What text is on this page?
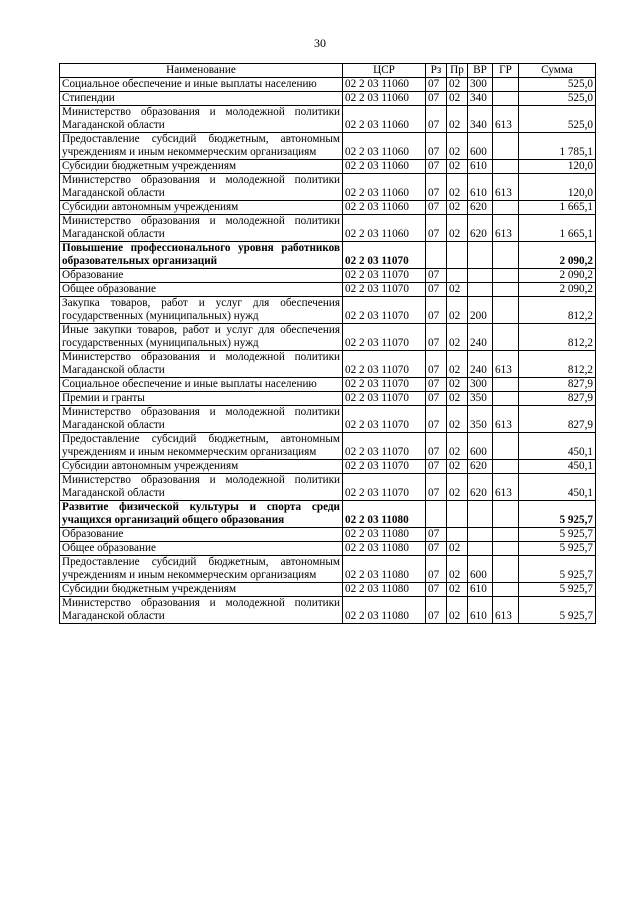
30
Наименование	ЦСР	Рз	Пр	ВР	ГР	Сумма
Социальное обеспечение и иные выплаты населению	02 2 03 11060	07	02	300		525,0
Стипендии	02 2 03 11060	07	02	340		525,0
Министерство образования и молодежной политики Магаданской области	02 2 03 11060	07	02	340	613	525,0
Предоставление субсидий бюджетным, автономным учреждениям и иным некоммерческим организациям	02 2 03 11060	07	02	600		1 785,1
Субсидии бюджетным учреждениям	02 2 03 11060	07	02	610		120,0
Министерство образования и молодежной политики Магаданской области	02 2 03 11060	07	02	610	613	120,0
Субсидии автономным учреждениям	02 2 03 11060	07	02	620		1 665,1
Министерство образования и молодежной политики Магаданской области	02 2 03 11060	07	02	620	613	1 665,1
Повышение профессионального уровня работников образовательных организаций	02 2 03 11070					2 090,2
Образование	02 2 03 11070	07				2 090,2
Общее образование	02 2 03 11070	07	02			2 090,2
Закупка товаров, работ и услуг для обеспечения государственных (муниципальных) нужд	02 2 03 11070	07	02	200		812,2
Иные закупки товаров, работ и услуг для обеспечения государственных (муниципальных) нужд	02 2 03 11070	07	02	240		812,2
Министерство образования и молодежной политики Магаданской области	02 2 03 11070	07	02	240	613	812,2
Социальное обеспечение и иные выплаты населению	02 2 03 11070	07	02	300		827,9
Премии и гранты	02 2 03 11070	07	02	350		827,9
Министерство образования и молодежной политики Магаданской области	02 2 03 11070	07	02	350	613	827,9
Предоставление субсидий бюджетным, автономным учреждениям и иным некоммерческим организациям	02 2 03 11070	07	02	600		450,1
Субсидии автономным учреждениям	02 2 03 11070	07	02	620		450,1
Министерство образования и молодежной политики Магаданской области	02 2 03 11070	07	02	620	613	450,1
Развитие физической культуры и спорта среди учащихся организаций общего образования	02 2 03 11080					5 925,7
Образование	02 2 03 11080	07				5 925,7
Общее образование	02 2 03 11080	07	02			5 925,7
Предоставление субсидий бюджетным, автономным учреждениям и иным некоммерческим организациям	02 2 03 11080	07	02	600		5 925,7
Субсидии бюджетным учреждениям	02 2 03 11080	07	02	610		5 925,7
Министерство образования и молодежной политики Магаданской области	02 2 03 11080	07	02	610	613	5 925,7
